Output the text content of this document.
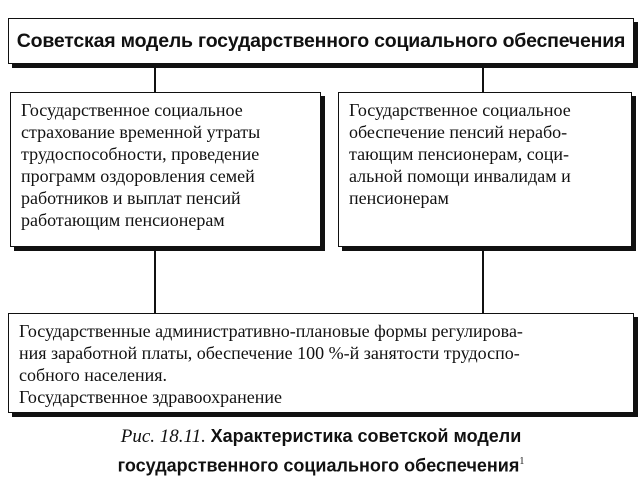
Советская модель государственного социального обеспечения
Государственное социальное
страхование временной утраты
трудоспособности, проведение
программ оздоровления семей
работников и выплат пенсий
работающим пенсионерам
Государственное социальное
обеспечение пенсий нерабо-
тающим пенсионерам, соци-
альной помощи инвалидам и
пенсионерам
Государственные административно-плановые формы регулирова-
ния заработной платы, обеспечение 100 %-й занятости трудоспо-
собного населения.
Государственное здравоохранение
Рис. 18.11. Характеристика советской модели
государственного социального обеспечения$^1$
